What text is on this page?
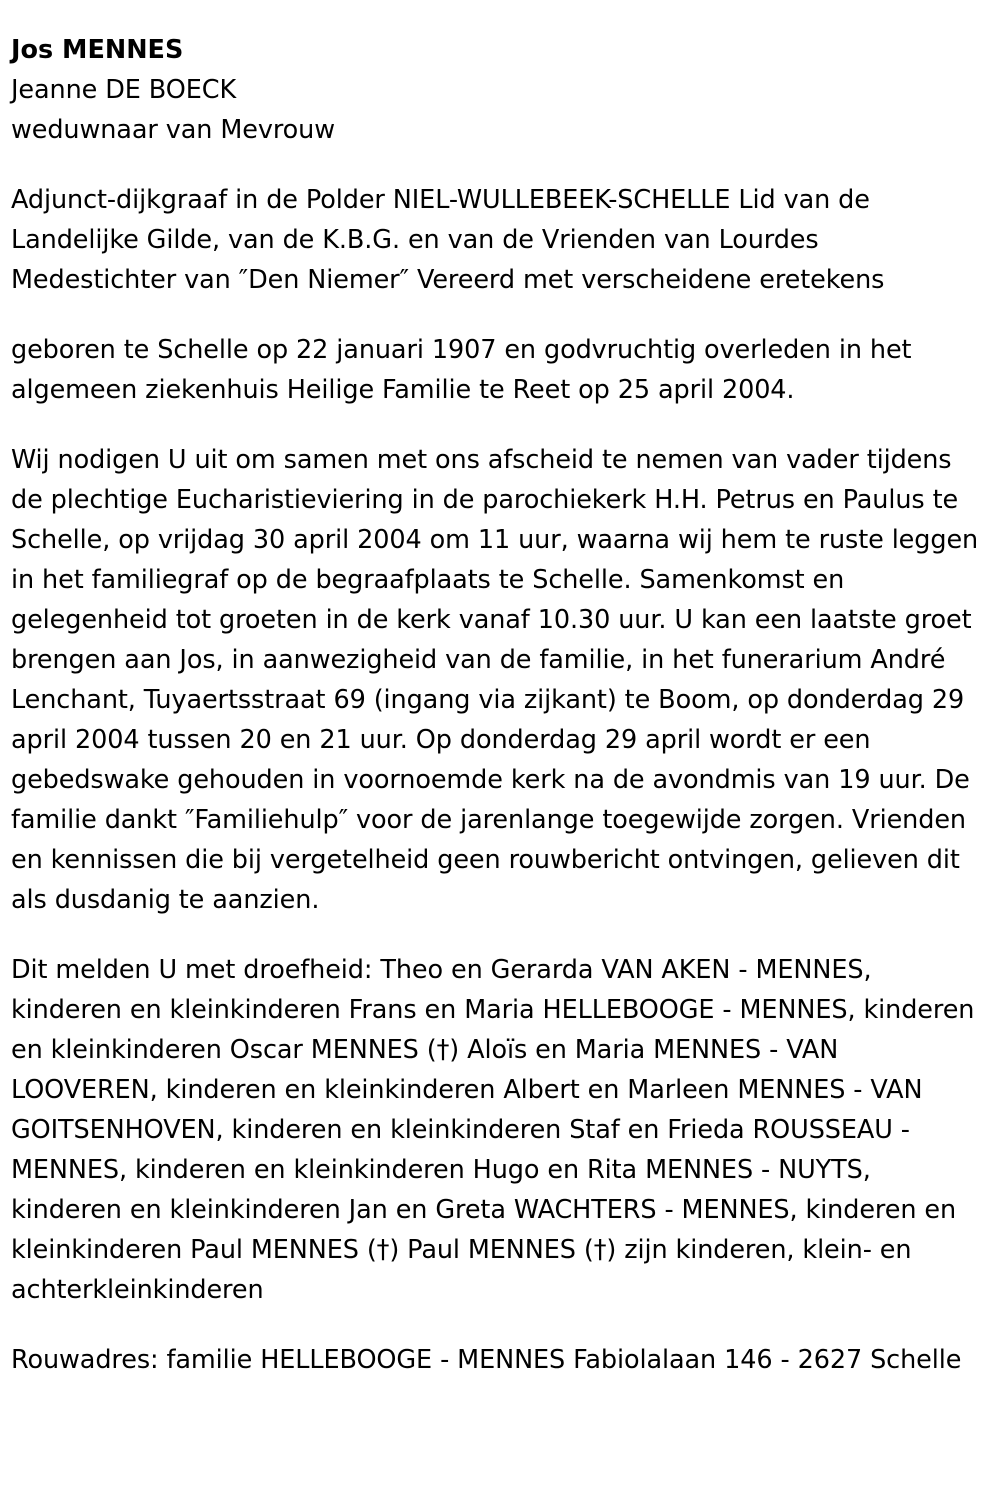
Jos MENNES
Jeanne DE BOECK
weduwnaar van Mevrouw
Adjunct-dijkgraaf in de Polder NIEL-WULLEBEEK-SCHELLE Lid van de Landelijke Gilde, van de K.B.G. en van de Vrienden van Lourdes Medestichter van ″Den Niemer″ Vereerd met verscheidene eretekens
geboren te Schelle op 22 januari 1907 en godvruchtig overleden in het algemeen ziekenhuis Heilige Familie te Reet op 25 april 2004.
Wij nodigen U uit om samen met ons afscheid te nemen van vader tijdens de plechtige Eucharistieviering in de parochiekerk H.H. Petrus en Paulus te Schelle, op vrijdag 30 april 2004 om 11 uur, waarna wij hem te ruste leggen in het familiegraf op de begraafplaats te Schelle. Samenkomst en gelegenheid tot groeten in de kerk vanaf 10.30 uur. U kan een laatste groet brengen aan Jos, in aanwezigheid van de familie, in het funerarium André Lenchant, Tuyaertsstraat 69 (ingang via zijkant) te Boom, op donderdag 29 april 2004 tussen 20 en 21 uur. Op donderdag 29 april wordt er een gebedswake gehouden in voornoemde kerk na de avondmis van 19 uur. De familie dankt ″Familiehulp″ voor de jarenlange toegewijde zorgen. Vrienden en kennissen die bij vergetelheid geen rouwbericht ontvingen, gelieven dit als dusdanig te aanzien.
Dit melden U met droefheid: Theo en Gerarda VAN AKEN - MENNES, kinderen en kleinkinderen Frans en Maria HELLEBOOGE - MENNES, kinderen en kleinkinderen Oscar MENNES (†) Aloïs en Maria MENNES - VAN LOOVEREN, kinderen en kleinkinderen Albert en Marleen MENNES - VAN GOITSENHOVEN, kinderen en kleinkinderen Staf en Frieda ROUSSEAU - MENNES, kinderen en kleinkinderen Hugo en Rita MENNES - NUYTS, kinderen en kleinkinderen Jan en Greta WACHTERS - MENNES, kinderen en kleinkinderen Paul MENNES (†) Paul MENNES (†) zijn kinderen, klein- en achterkleinkinderen
Rouwadres: familie HELLEBOOGE - MENNES Fabiolalaan 146 - 2627 Schelle
